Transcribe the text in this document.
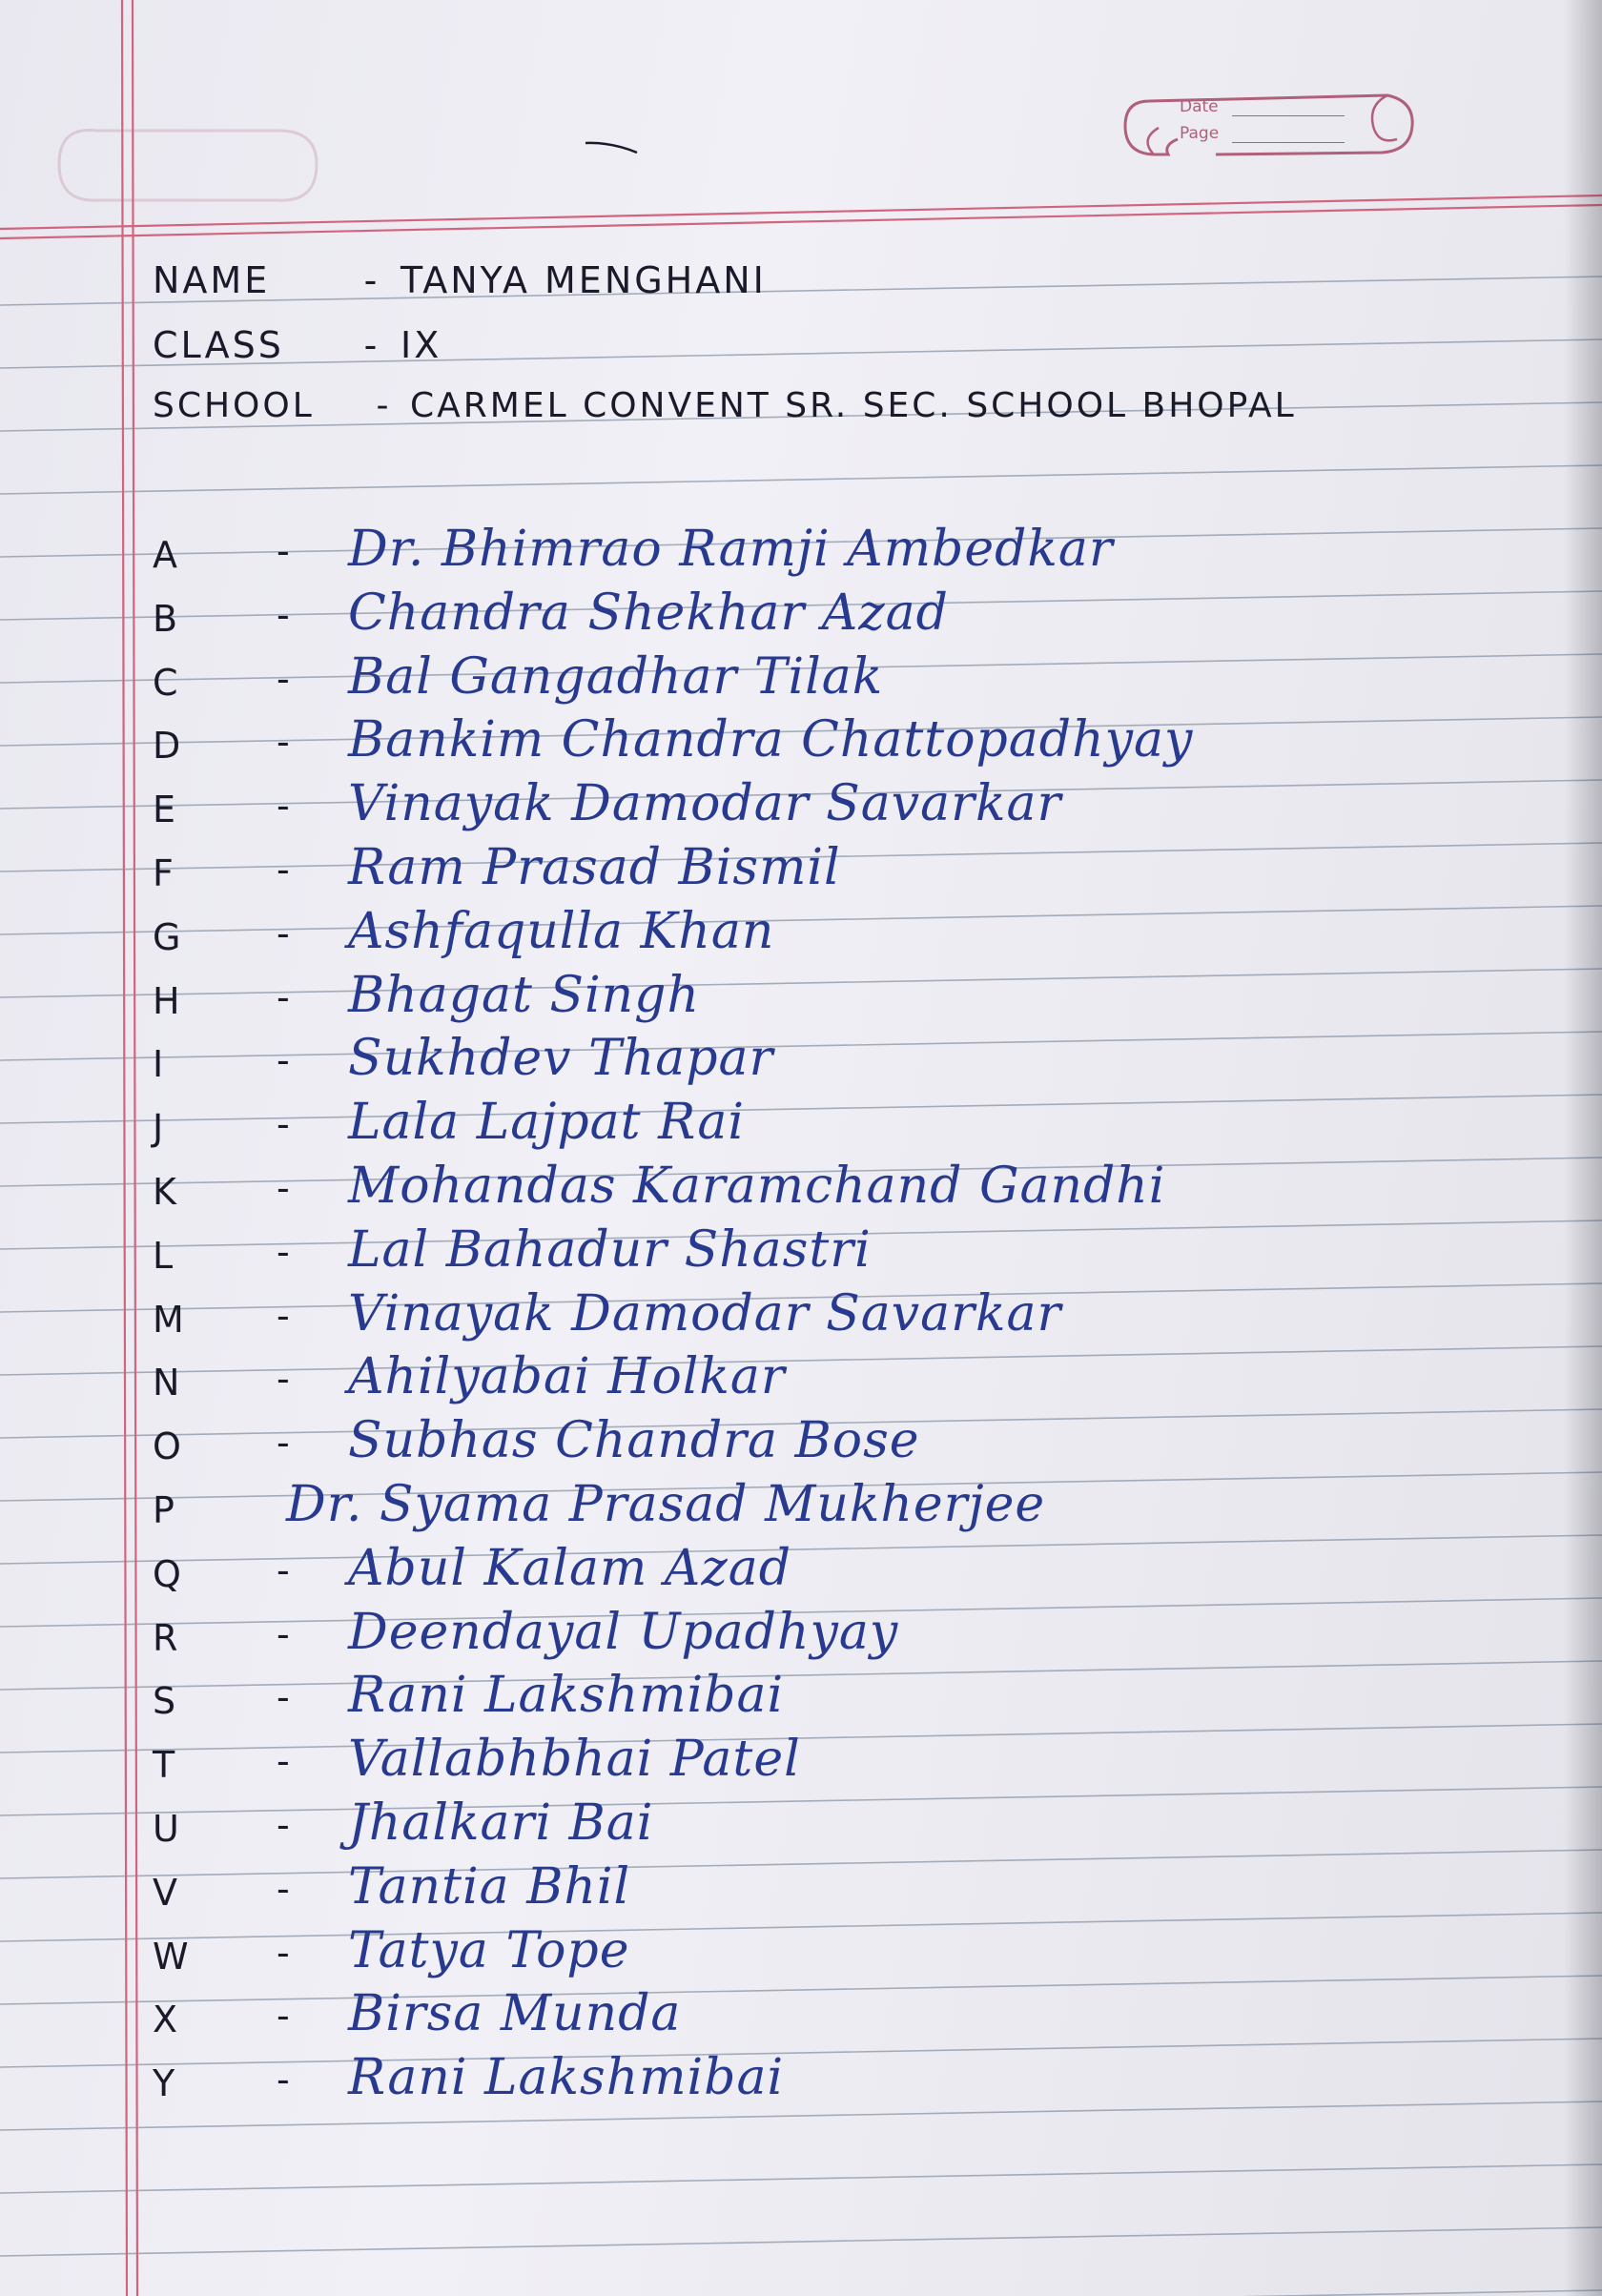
Date
Page
NAME	- TANYA MENGHANI
CLASS - IX
SCHOOL - CARMEL CONVENT SR. SEC. SCHOOL BHOPAL
A	- Dr. Bhimrao Ramji Ambedkar
B	- Chandra Shekhar Azad
C	- Bal Gangadhar Tilak
D	- Bankim Chandra Chattopadhyay
E	- Vinayak Damodar Savarkar
F	- Ram Prasad Bismil
G	- Ashfaqulla Khan
H	- Bhagat Singh
I	- Sukhdev Thapar
J	- Lala Lajpat Rai
K	- Mohandas Karamchand Gandhi
L	- Lal Bahadur Shastri
M	- Vinayak Damodar Savarkar
N	- Ahilyabai Holkar
O	- Subhas Chandra Bose
P	Dr. Syama Prasad Mukherjee
Q	- Abul Kalam Azad
R	- Deendayal Upadhyay
S	- Rani Lakshmibai
T	- Vallabhbhai Patel
U	- Jhalkari Bai
V	- Tantia Bhil
W	- Tatya Tope
X	- Birsa Munda
Y	- Rani Lakshmibai
